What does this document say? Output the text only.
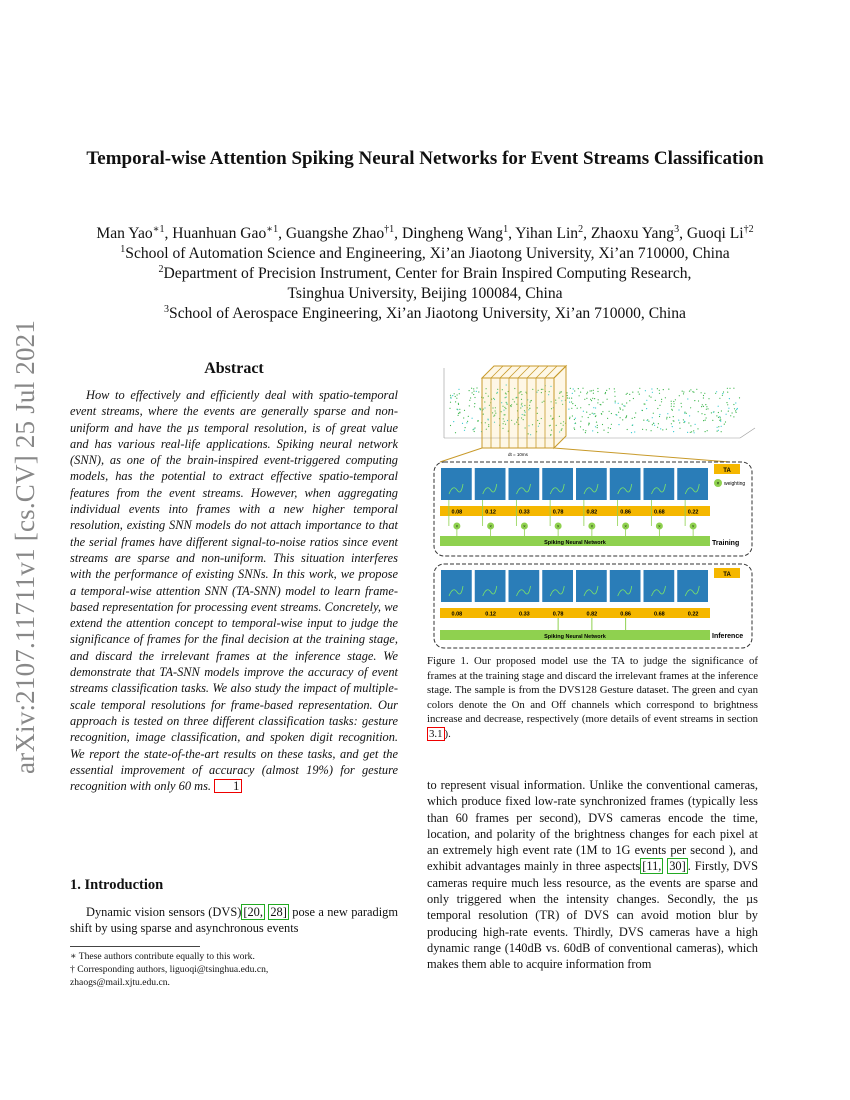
arXiv:2107.11711v1 [cs.CV] 25 Jul 2021
Temporal-wise Attention Spiking Neural Networks for Event Streams Classification
Man Yao$^{∗1}$, Huanhuan Gao$^{∗1}$, Guangshe Zhao$^{\dagger 1}$, Dingheng Wang$^1$, Yihan Lin$^2$, Zhaoxu Yang$^3$, Guoqi Li$^{\dagger 2}$
$^1$School of Automation Science and Engineering, Xi’an Jiaotong University, Xi’an 710000, China
$^2$Department of Precision Instrument, Center for Brain Inspired Computing Research,
Tsinghua University, Beijing 100084, China
$^3$School of Aerospace Engineering, Xi’an Jiaotong University, Xi’an 710000, China
Abstract
How to effectively and efficiently deal with spatio-temporal event streams, where the events are generally sparse and non-uniform and have the µs temporal resolution, is of great value and has various real-life applications. Spiking neural network (SNN), as one of the brain-inspired event-triggered computing models, has the potential to extract effective spatio-temporal features from the event streams. However, when aggregating individual events into frames with a new higher temporal resolution, existing SNN models do not attach importance to that the serial frames have different signal-to-noise ratios since event streams are sparse and non-uniform. This situation interferes with the performance of existing SNNs. In this work, we propose a temporal-wise attention SNN (TA-SNN) model to learn frame-based representation for processing event streams. Concretely, we extend the attention concept to temporal-wise input to judge the significance of frames for the final decision at the training stage, and discard the irrelevant frames at the inference stage. We demonstrate that TA-SNN models improve the accuracy of event streams classification tasks. We also study the impact of multiple-scale temporal resolutions for frame-based representation. Our approach is tested on three different classification tasks: gesture recognition, image classification, and spoken digit recognition. We report the state-of-the-art results on these tasks, and get the essential improvement of accuracy (almost 19%) for gesture recognition with only 60 ms. 1
1. Introduction
Dynamic vision sensors (DVS) [20, 28] pose a new paradigm shift by using sparse and asynchronous events
∗ These authors contribute equally to this work.
† Corresponding authors, liguoqi@tsinghua.edu.cn,
zhaogs@mail.xjtu.edu.cn.
dt = 10ms
TA
× weighting
0.08	0.12	0.33	0.78	0.82	0.86	0.68	0.22
×	×	×	×	×	×	×	×
Spiking Neural Network	Training
TA
0.08	0.12	0.33	0.78	0.82	0.86	0.68	0.22
Spiking Neural Network	Inference
Figure 1. Our proposed model use the TA to judge the significance of frames at the training stage and discard the irrelevant frames at the inference stage. The sample is from the DVS128 Gesture dataset. The green and cyan colors denote the On and Off channels which correspond to brightness increase and decrease, respectively (more details of event streams in section 3.1 ).
to represent visual information. Unlike the conventional cameras, which produce fixed low-rate synchronized frames (typically less than 60 frames per second), DVS cameras encode the time, location, and polarity of the brightness changes for each pixel at an extremely high event rate (1M to 1G events per second ), and exhibit advantages mainly in three aspects [11, 30] . Firstly, DVS cameras require much less resource, as the events are sparse and only triggered when the intensity changes. Secondly, the µs temporal resolution (TR) of DVS can avoid motion blur by producing high-rate events. Thirdly, DVS cameras have a high dynamic range (140dB vs. 60dB of conventional cameras), which makes them able to acquire information from
